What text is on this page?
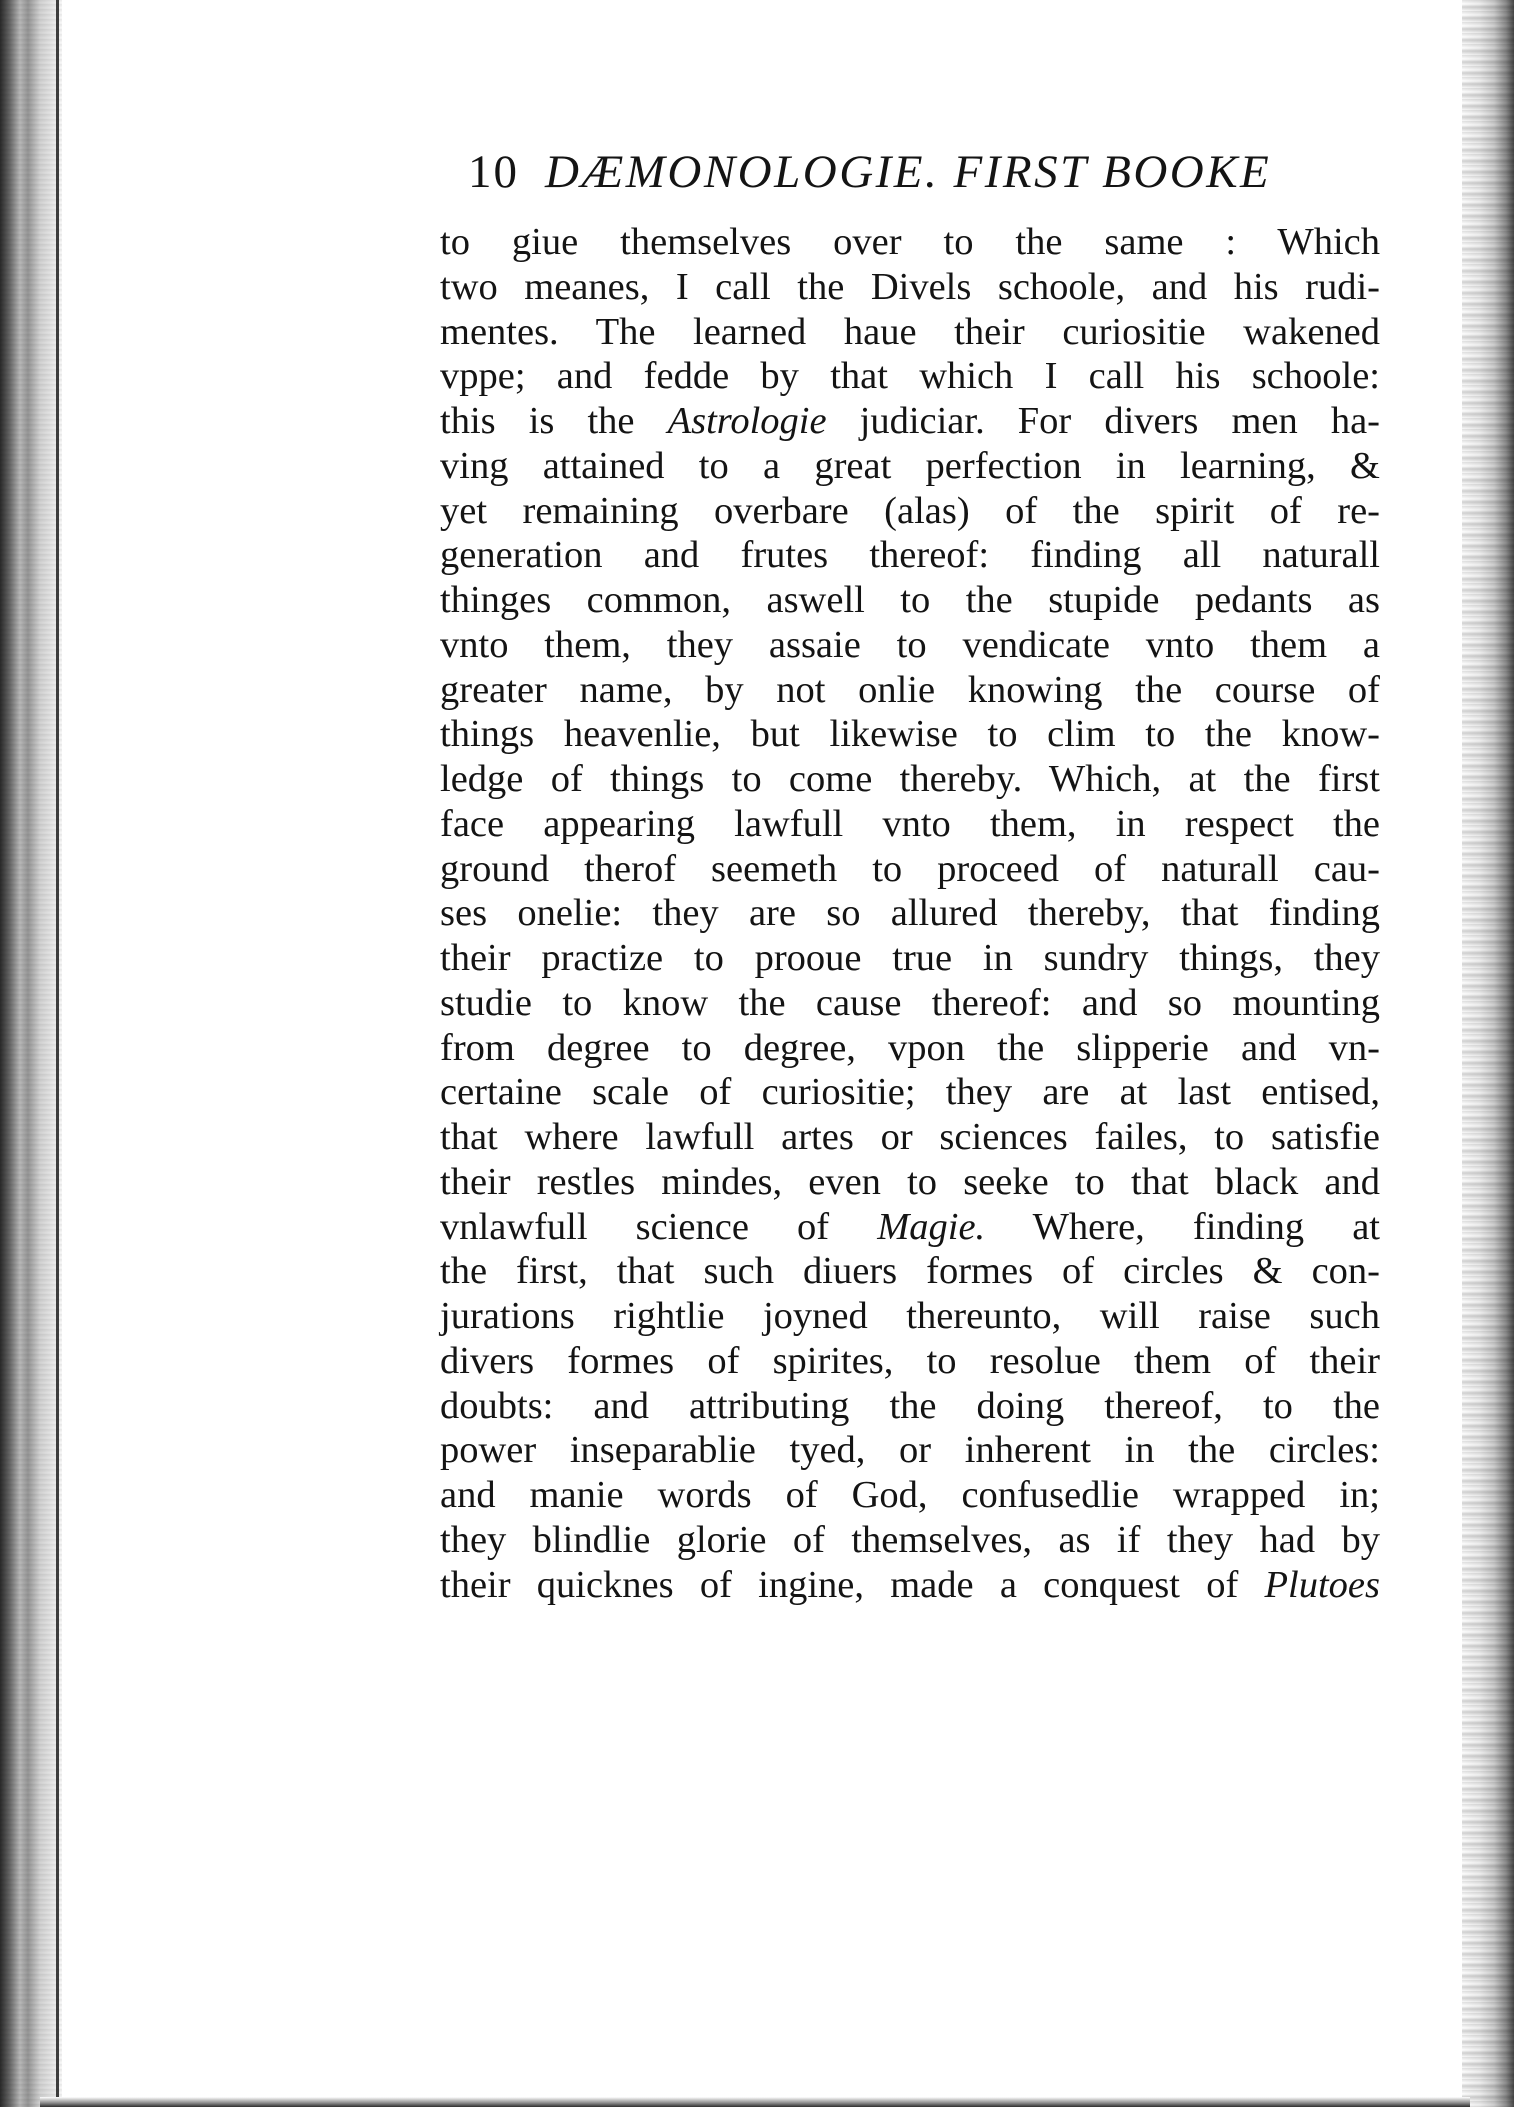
10 DÆMONOLOGIE. FIRST BOOKE
to giue themselves over to the same : Which
two meanes, I call the Divels schoole, and his rudi-
mentes. The learned haue their curiositie wakened
vppe; and fedde by that which I call his schoole:
this is the Astrologie judiciar. For divers men ha-
ving attained to a great perfection in learning, &
yet remaining overbare (alas) of the spirit of re-
generation and frutes thereof: finding all naturall
thinges common, aswell to the stupide pedants as
vnto them, they assaie to vendicate vnto them a
greater name, by not onlie knowing the course of
things heavenlie, but likewise to clim to the know-
ledge of things to come thereby. Which, at the first
face appearing lawfull vnto them, in respect the
ground therof seemeth to proceed of naturall cau-
ses onelie: they are so allured thereby, that finding
their practize to prooue true in sundry things, they
studie to know the cause thereof: and so mounting
from degree to degree, vpon the slipperie and vn-
certaine scale of curiositie; they are at last entised,
that where lawfull artes or sciences failes, to satisfie
their restles mindes, even to seeke to that black and
vnlawfull science of Magie. Where, finding at
the first, that such diuers formes of circles & con-
jurations rightlie joyned thereunto, will raise such
divers formes of spirites, to resolue them of their
doubts: and attributing the doing thereof, to the
power inseparablie tyed, or inherent in the circles:
and manie words of God, confusedlie wrapped in;
they blindlie glorie of themselves, as if they had by
their quicknes of ingine, made a conquest of Plutoes
